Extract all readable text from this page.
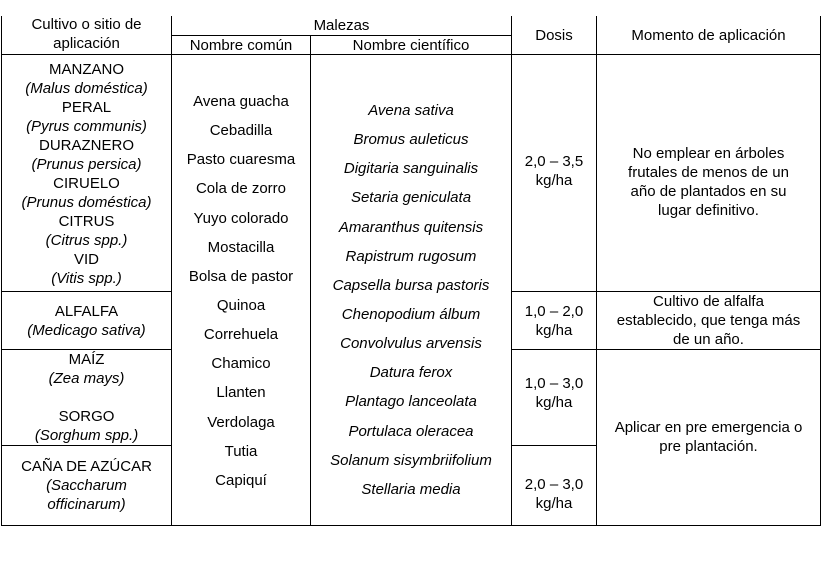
Cultivo o sitio de
aplicación
Malezas
Nombre común	Nombre científico
Dosis	Momento de aplicación
MANZANO
(Malus doméstica)
PERAL
(Pyrus communis)
DURAZNERO
(Prunus persica)
CIRUELO
(Prunus doméstica)
CITRUS
(Citrus spp.)
VID
(Vitis spp.)
ALFALFA
(Medicago sativa)
MAÍZ
(Zea mays)
SORGO
(Sorghum spp.)
CAÑA DE AZÚCAR
(Saccharum
officinarum)
Avena guacha
Cebadilla
Pasto cuaresma
Cola de zorro
Yuyo colorado
Mostacilla
Bolsa de pastor
Quinoa
Correhuela
Chamico
Llanten
Verdolaga
Tutia
Capiquí
Avena sativa
Bromus auleticus
Digitaria sanguinalis
Setaria geniculata
Amaranthus quitensis
Rapistrum rugosum
Capsella bursa pastoris
Chenopodium álbum
Convolvulus arvensis
Datura ferox
Plantago lanceolata
Portulaca oleracea
Solanum sisymbriifolium
Stellaria media
2,0 – 3,5
kg/ha
1,0 – 2,0
kg/ha
1,0 – 3,0
kg/ha
2,0 – 3,0
kg/ha
No emplear en árboles
frutales de menos de un
año de plantados en su
lugar definitivo.
Cultivo de alfalfa
establecido, que tenga más
de un año.
Aplicar en pre emergencia o
pre plantación.
